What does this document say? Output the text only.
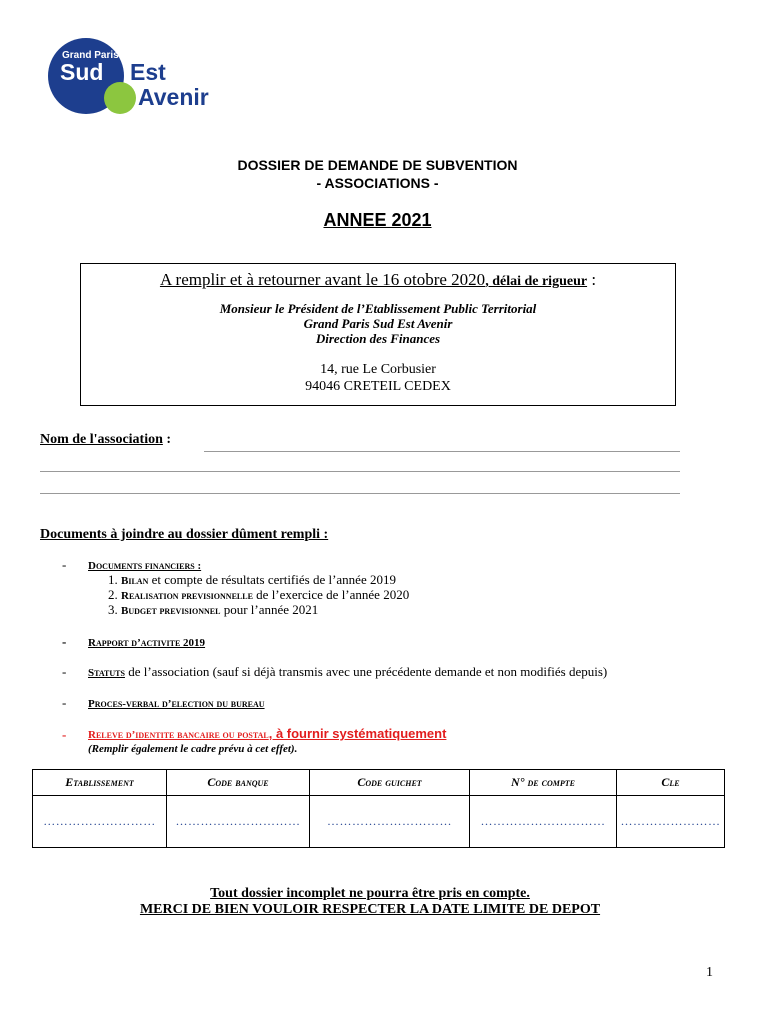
Grand Paris
Sud Est
Avenir
DOSSIER DE DEMANDE DE SUBVENTION
- ASSOCIATIONS -
ANNEE 2021
A remplir et à retourner avant le 16 otobre 2020, délai de rigueur :
Monsieur le Président de l’Etablissement Public Territorial
Grand Paris Sud Est Avenir
Direction des Finances
14, rue Le Corbusier
94046 CRETEIL CEDEX
Nom de l'association :
Documents à joindre au dossier dûment rempli :
- Documents financiers :
1. Bilan et compte de résultats certifiés de l’année 2019
2. Realisation previsionnelle de l’exercice de l’année 2020
3. Budget previsionnel pour l’année 2021
- Rapport d’activite 2019
- Statuts de l’association (sauf si déjà transmis avec une précédente demande et non modifiés depuis)
- Proces-verbal d’election du bureau
- Releve d’identite bancaire ou postal, à fournir systématiquement
(Remplir également le cadre prévu à cet effet).
Etablissement	Code banque	Code guichet	N° de compte	Cle
………………………	…………………………	…………………………	…………………………	……………………
Tout dossier incomplet ne pourra être pris en compte.
MERCI DE BIEN VOULOIR RESPECTER LA DATE LIMITE DE DEPOT
1
